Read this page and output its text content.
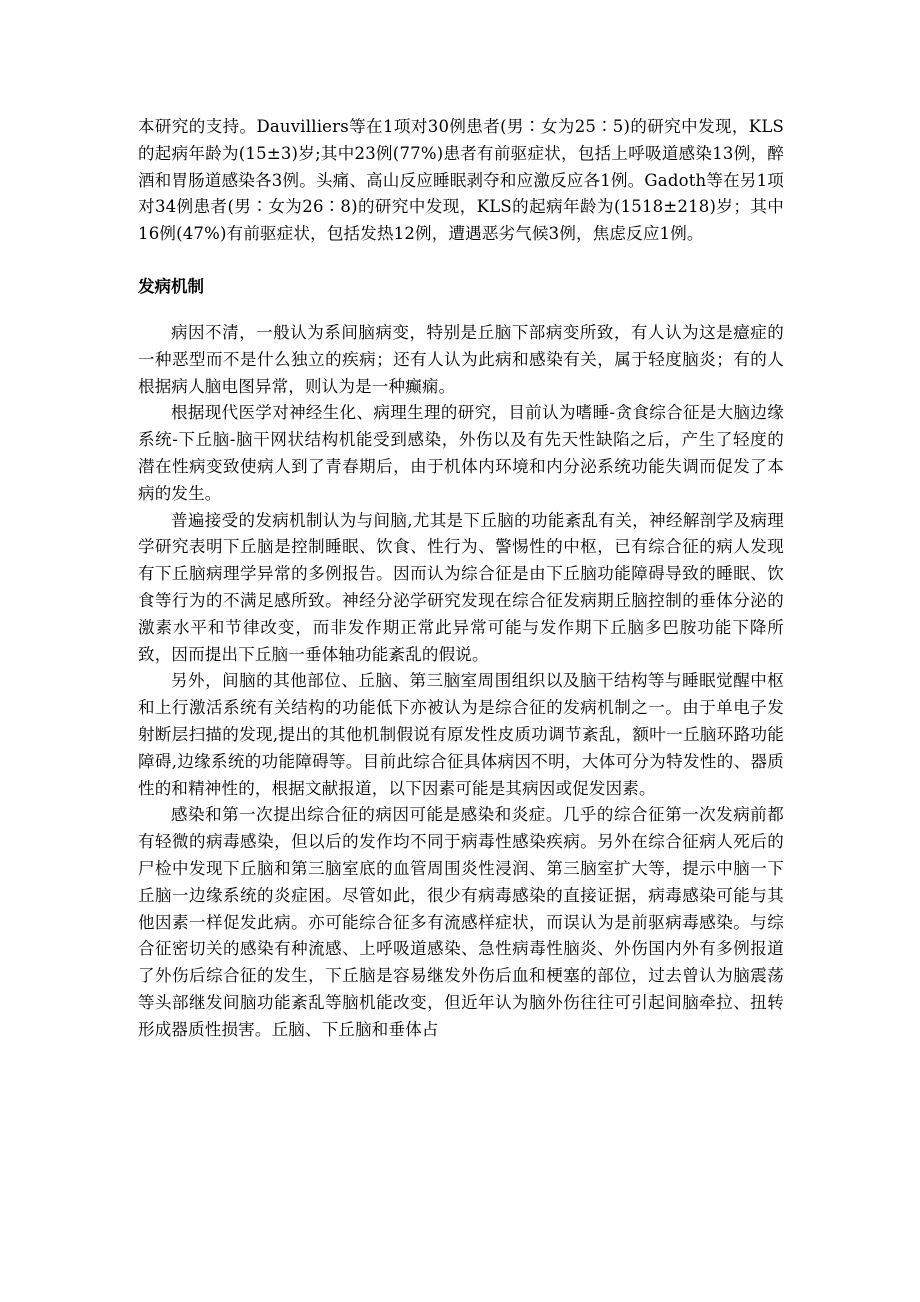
本研究的支持。Dauvilliers等在1项对30例患者(男∶女为25∶5)的研究中发现，KLS的起病年龄为(15±3)岁;其中23例(77%)患者有前驱症状，包括上呼吸道感染13例，醉酒和胃肠道感染各3例。头痛、高山反应睡眠剥夺和应激反应各1例。Gadoth等在另1项对34例患者(男∶女为26∶8)的研究中发现，KLS的起病年龄为(1518±218)岁；其中16例(47%)有前驱症状，包括发热12例，遭遇恶劣气候3例，焦虑反应1例。

发病机制

病因不清，一般认为系间脑病变，特别是丘脑下部病变所致，有人认为这是癔症的一种恶型而不是什么独立的疾病；还有人认为此病和感染有关，属于轻度脑炎；有的人根据病人脑电图异常，则认为是一种癫痫。

根据现代医学对神经生化、病理生理的研究，目前认为嗜睡-贪食综合征是大脑边缘系统-下丘脑-脑干网状结构机能受到感染，外伤以及有先天性缺陷之后，产生了轻度的潜在性病变致使病人到了青春期后，由于机体内环境和内分泌系统功能失调而促发了本病的发生。

普遍接受的发病机制认为与间脑,尤其是下丘脑的功能紊乱有关，神经解剖学及病理学研究表明下丘脑是控制睡眠、饮食、性行为、警惕性的中枢，已有综合征的病人发现有下丘脑病理学异常的多例报告。因而认为综合征是由下丘脑功能障碍导致的睡眠、饮食等行为的不满足感所致。神经分泌学研究发现在综合征发病期丘脑控制的垂体分泌的激素水平和节律改变，而非发作期正常此异常可能与发作期下丘脑多巴胺功能下降所致，因而提出下丘脑一垂体轴功能紊乱的假说。

另外，间脑的其他部位、丘脑、第三脑室周围组织以及脑干结构等与睡眠觉醒中枢和上行激活系统有关结构的功能低下亦被认为是综合征的发病机制之一。由于单电子发射断层扫描的发现,提出的其他机制假说有原发性皮质功调节紊乱，额叶一丘脑环路功能障碍,边缘系统的功能障碍等。目前此综合征具体病因不明，大体可分为特发性的、器质性的和精神性的，根据文献报道，以下因素可能是其病因或促发因素。

感染和第一次提出综合征的病因可能是感染和炎症。几乎的综合征第一次发病前都有轻微的病毒感染，但以后的发作均不同于病毒性感染疾病。另外在综合征病人死后的尸检中发现下丘脑和第三脑室底的血管周围炎性浸润、第三脑室扩大等，提示中脑一下丘脑一边缘系统的炎症困。尽管如此，很少有病毒感染的直接证据，病毒感染可能与其他因素一样促发此病。亦可能综合征多有流感样症状，而误认为是前驱病毒感染。与综合征密切关的感染有种流感、上呼吸道感染、急性病毒性脑炎、外伤国内外有多例报道了外伤后综合征的发生，下丘脑是容易继发外伤后血和梗塞的部位，过去曾认为脑震荡等头部继发间脑功能紊乱等脑机能改变，但近年认为脑外伤往往可引起间脑牵拉、扭转形成器质性损害。丘脑、下丘脑和垂体占
